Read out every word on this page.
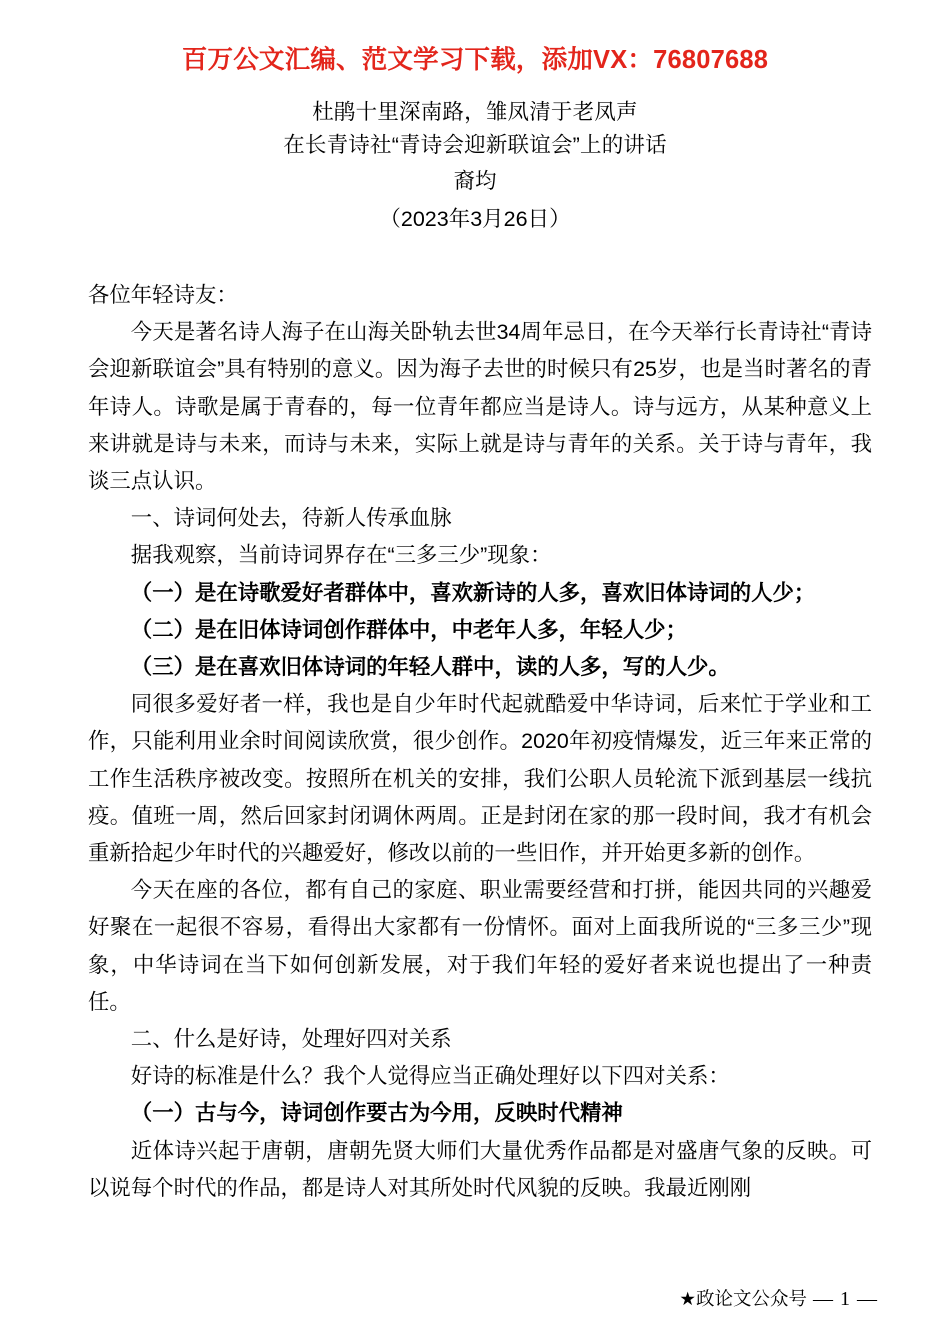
百万公文汇编、范文学习下载，添加VX：76807688
杜鹃十里深南路，雏凤清于老凤声
在长青诗社“青诗会迎新联谊会”上的讲话
裔均
（2023年3月26日）

各位年轻诗友：

今天是著名诗人海子在山海关卧轨去世34周年忌日，在今天举行长青诗社“青诗会迎新联谊会”具有特别的意义。因为海子去世的时候只有25岁，也是当时著名的青年诗人。诗歌是属于青春的，每一位青年都应当是诗人。诗与远方，从某种意义上来讲就是诗与未来，而诗与未来，实际上就是诗与青年的关系。关于诗与青年，我谈三点认识。

一、诗词何处去，待新人传承血脉

据我观察，当前诗词界存在“三多三少”现象：

（一）是在诗歌爱好者群体中，喜欢新诗的人多，喜欢旧体诗词的人少；

（二）是在旧体诗词创作群体中，中老年人多，年轻人少；

（三）是在喜欢旧体诗词的年轻人群中，读的人多，写的人少。

同很多爱好者一样，我也是自少年时代起就酷爱中华诗词，后来忙于学业和工作，只能利用业余时间阅读欣赏，很少创作。2020年初疫情爆发，近三年来正常的工作生活秩序被改变。按照所在机关的安排，我们公职人员轮流下派到基层一线抗疫。值班一周，然后回家封闭调休两周。正是封闭在家的那一段时间，我才有机会重新拾起少年时代的兴趣爱好，修改以前的一些旧作，并开始更多新的创作。

今天在座的各位，都有自己的家庭、职业需要经营和打拼，能因共同的兴趣爱好聚在一起很不容易，看得出大家都有一份情怀。面对上面我所说的“三多三少”现象，中华诗词在当下如何创新发展，对于我们年轻的爱好者来说也提出了一种责任。

二、什么是好诗，处理好四对关系

好诗的标准是什么？我个人觉得应当正确处理好以下四对关系：

（一）古与今，诗词创作要古为今用，反映时代精神

近体诗兴起于唐朝，唐朝先贤大师们大量优秀作品都是对盛唐气象的反映。可以说每个时代的作品，都是诗人对其所处时代风貌的反映。我最近刚刚

★政论文公众号 — 1 —
